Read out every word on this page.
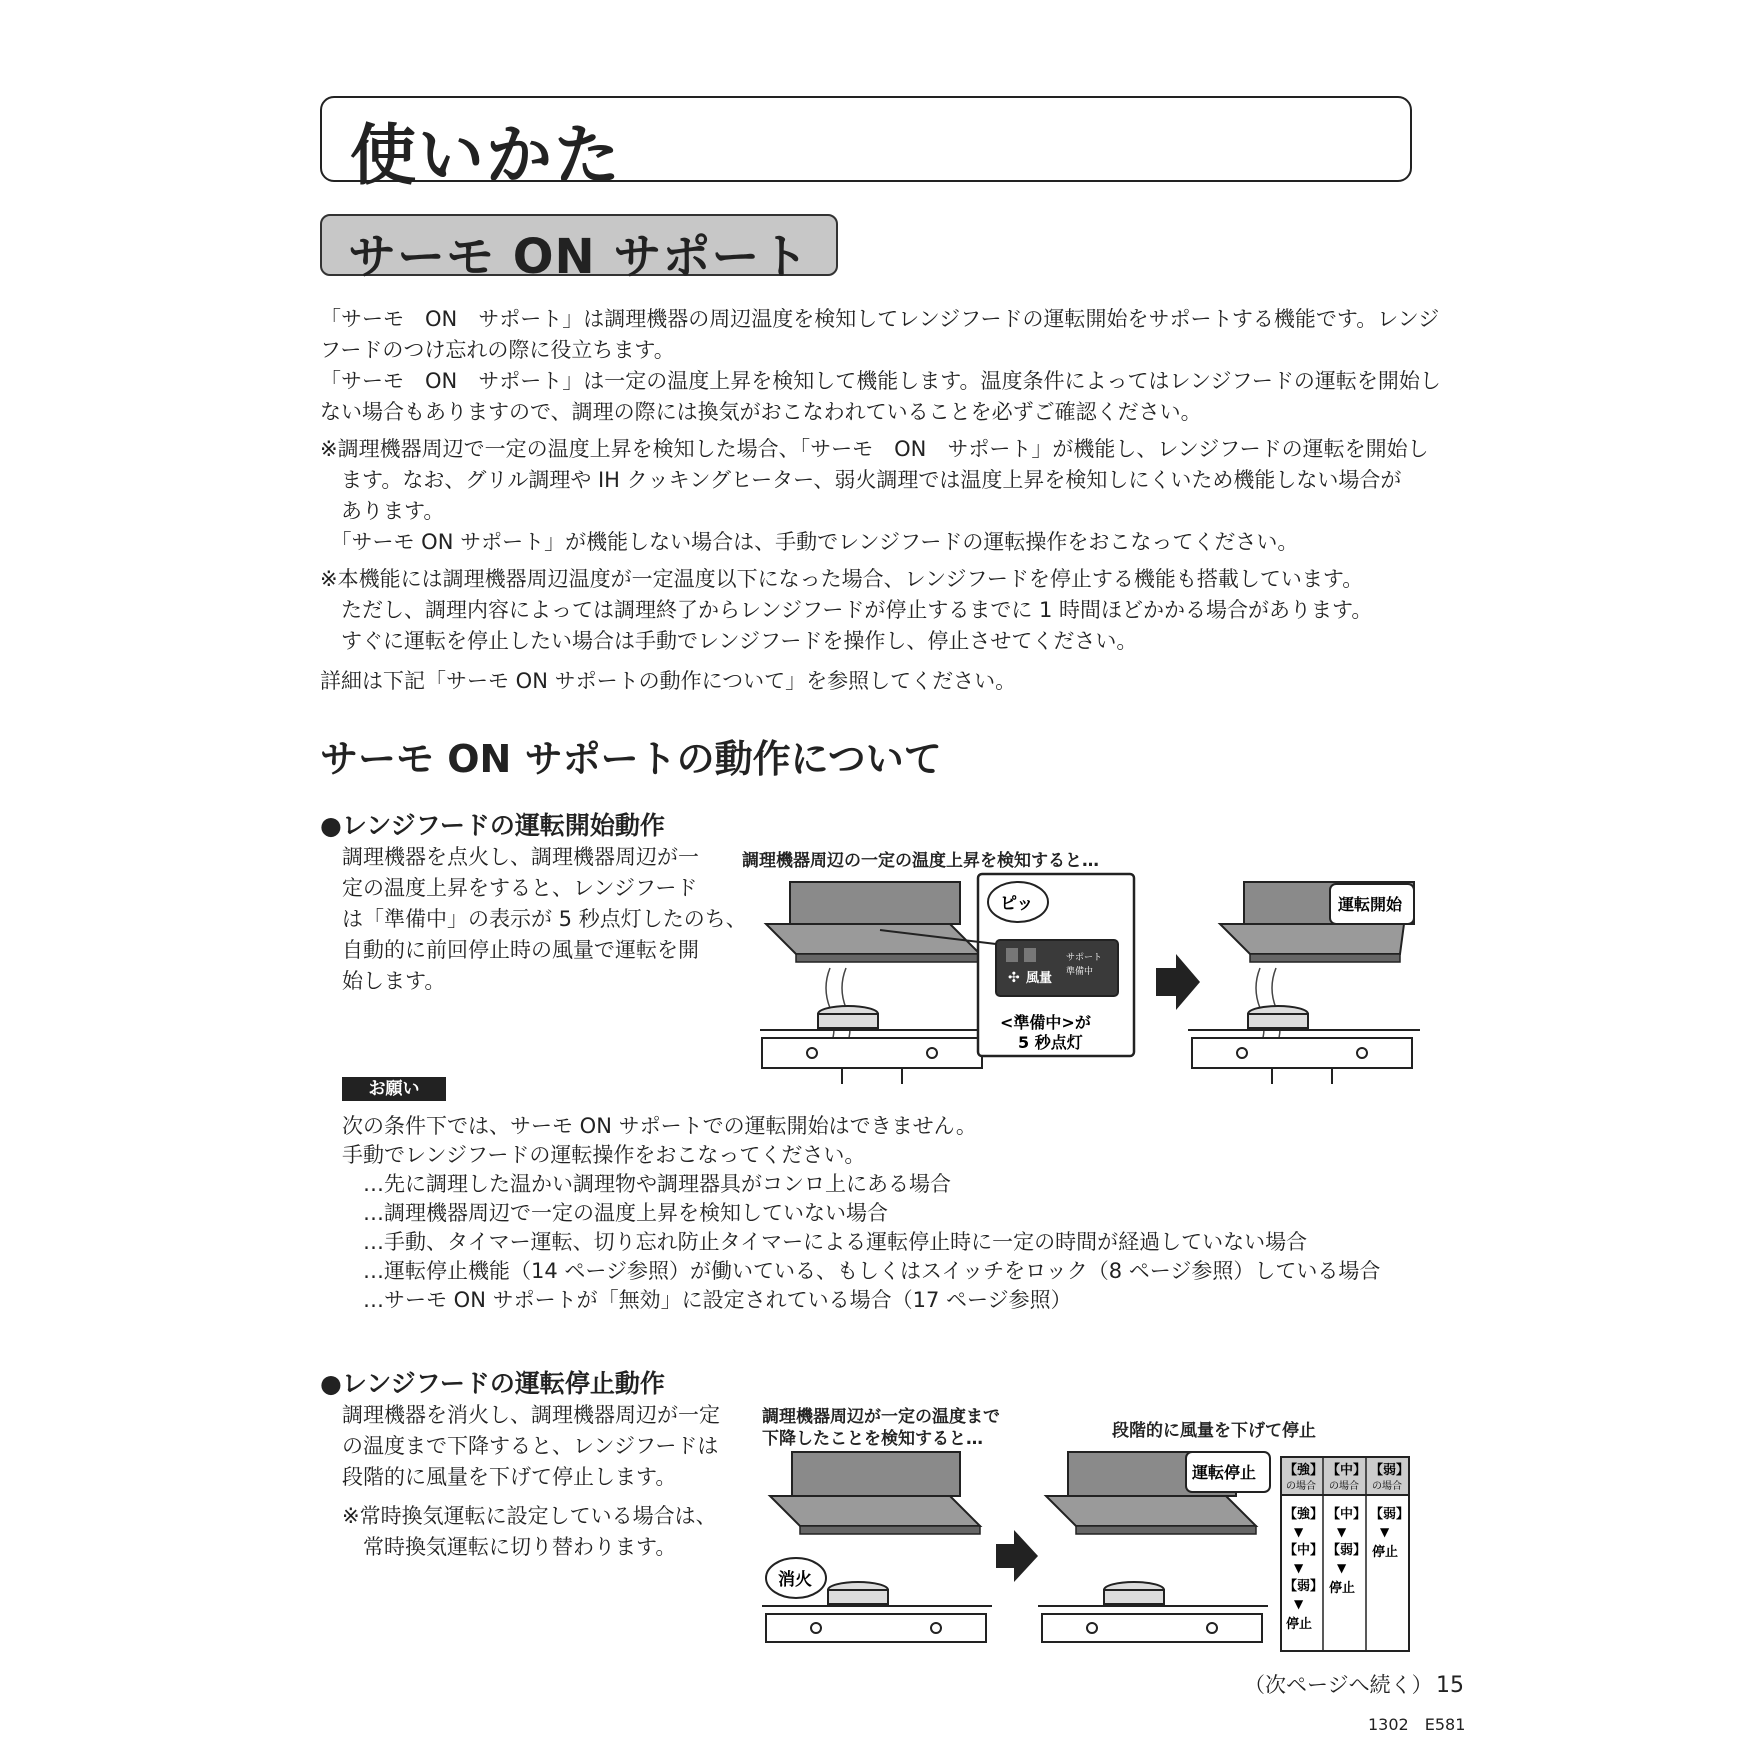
使いかた
サーモ ON サポート
「サーモ　ON　サポート」は調理機器の周辺温度を検知してレンジフードの運転開始をサポートする機能です。レンジ
フードのつけ忘れの際に役立ちます。
「サーモ　ON　サポート」は一定の温度上昇を検知して機能します。温度条件によってはレンジフードの運転を開始し
ない場合もありますので、調理の際には換気がおこなわれていることを必ずご確認ください。
※調理機器周辺で一定の温度上昇を検知した場合、「サーモ　ON　サポート」が機能し、レンジフードの運転を開始し
　ます。なお、グリル調理や IH クッキングヒーター、弱火調理では温度上昇を検知しにくいため機能しない場合が
　あります。
　「サーモ ON サポート」が機能しない場合は、手動でレンジフードの運転操作をおこなってください。
※本機能には調理機器周辺温度が一定温度以下になった場合、レンジフードを停止する機能も搭載しています。
　ただし、調理内容によっては調理終了からレンジフードが停止するまでに 1 時間ほどかかる場合があります。
　すぐに運転を停止したい場合は手動でレンジフードを操作し、停止させてください。
詳細は下記「サーモ ON サポートの動作について」を参照してください。
サーモ ON サポートの動作について
●レンジフードの運転開始動作
調理機器を点火し、調理機器周辺が一
定の温度上昇をすると、レンジフード
は「準備中」の表示が 5 秒点灯したのち、
自動的に前回停止時の風量で運転を開
始します。
調理機器周辺の一定の温度上昇を検知すると…
ピッ
✣ 風量
サポート
準備中
<準備中>が
5 秒点灯
運転開始
お願い
次の条件下では、サーモ ON サポートでの運転開始はできません。
手動でレンジフードの運転操作をおこなってください。
　…先に調理した温かい調理物や調理器具がコンロ上にある場合
　…調理機器周辺で一定の温度上昇を検知していない場合
　…手動、タイマー運転、切り忘れ防止タイマーによる運転停止時に一定の時間が経過していない場合
　…運転停止機能（14 ページ参照）が働いている、もしくはスイッチをロック（8 ページ参照）している場合
　…サーモ ON サポートが「無効」に設定されている場合（17 ページ参照）
●レンジフードの運転停止動作
調理機器を消火し、調理機器周辺が一定
の温度まで下降すると、レンジフードは
段階的に風量を下げて停止します。
※常時換気運転に設定している場合は、
　常時換気運転に切り替わります。
調理機器周辺が一定の温度まで
下降したことを検知すると…	段階的に風量を下げて停止
消火
運転停止 【強】 【中】 【弱】
の場合 の場合 の場合
【強】
▼
【中】
▼
【弱】
▼
停止
【中】
▼
【弱】
▼
停止
【弱】
▼
停止
（次ページへ続く） 15
1302　E581
